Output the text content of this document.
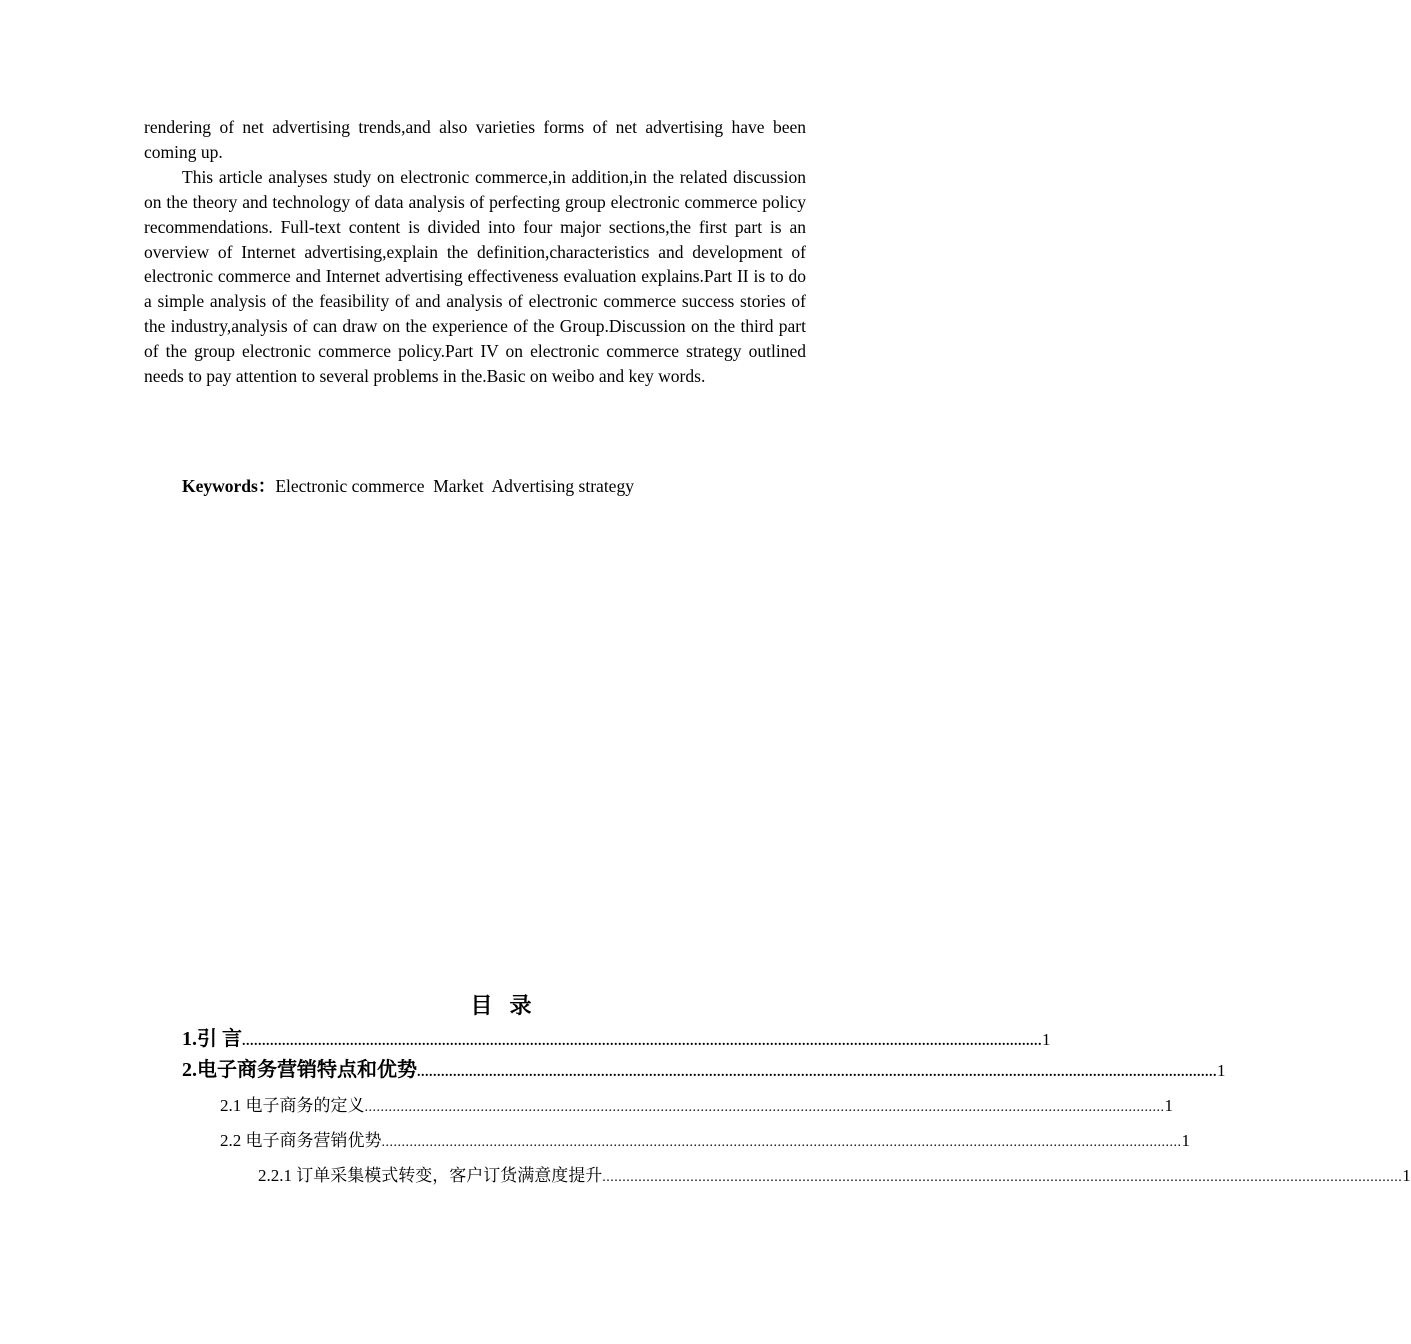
rendering of net advertising trends,and also varieties forms of net advertising have been coming up.

This article analyses study on electronic commerce,in addition,in the related discussion on the theory and technology of data analysis of perfecting group electronic commerce policy recommendations. Full-text content is divided into four major sections,the first part is an overview of Internet advertising,explain the definition,characteristics and development of electronic commerce and Internet advertising effectiveness evaluation explains.Part II is to do a simple analysis of the feasibility of and analysis of electronic commerce success stories of the industry,analysis of can draw on the experience of the Group.Discussion on the third part of the group electronic commerce policy.Part IV on electronic commerce strategy outlined needs to pay attention to several problems in the.Basic on weibo and key words.

Keywords：Electronic commerce  Market  Advertising strategy
目  录
1.引 言 ........................................................................................................................................................................................................ 1
2.电子商务营销特点和优势 ........................................................................................................................................................................................................ 1
2.1 电子商务的定义 ........................................................................................................................................................................................................ 1
2.2 电子商务营销优势 ........................................................................................................................................................................................................ 1
2.2.1 订单采集模式转变，客户订货满意度提升 ........................................................................................................................................................................................................ 1
